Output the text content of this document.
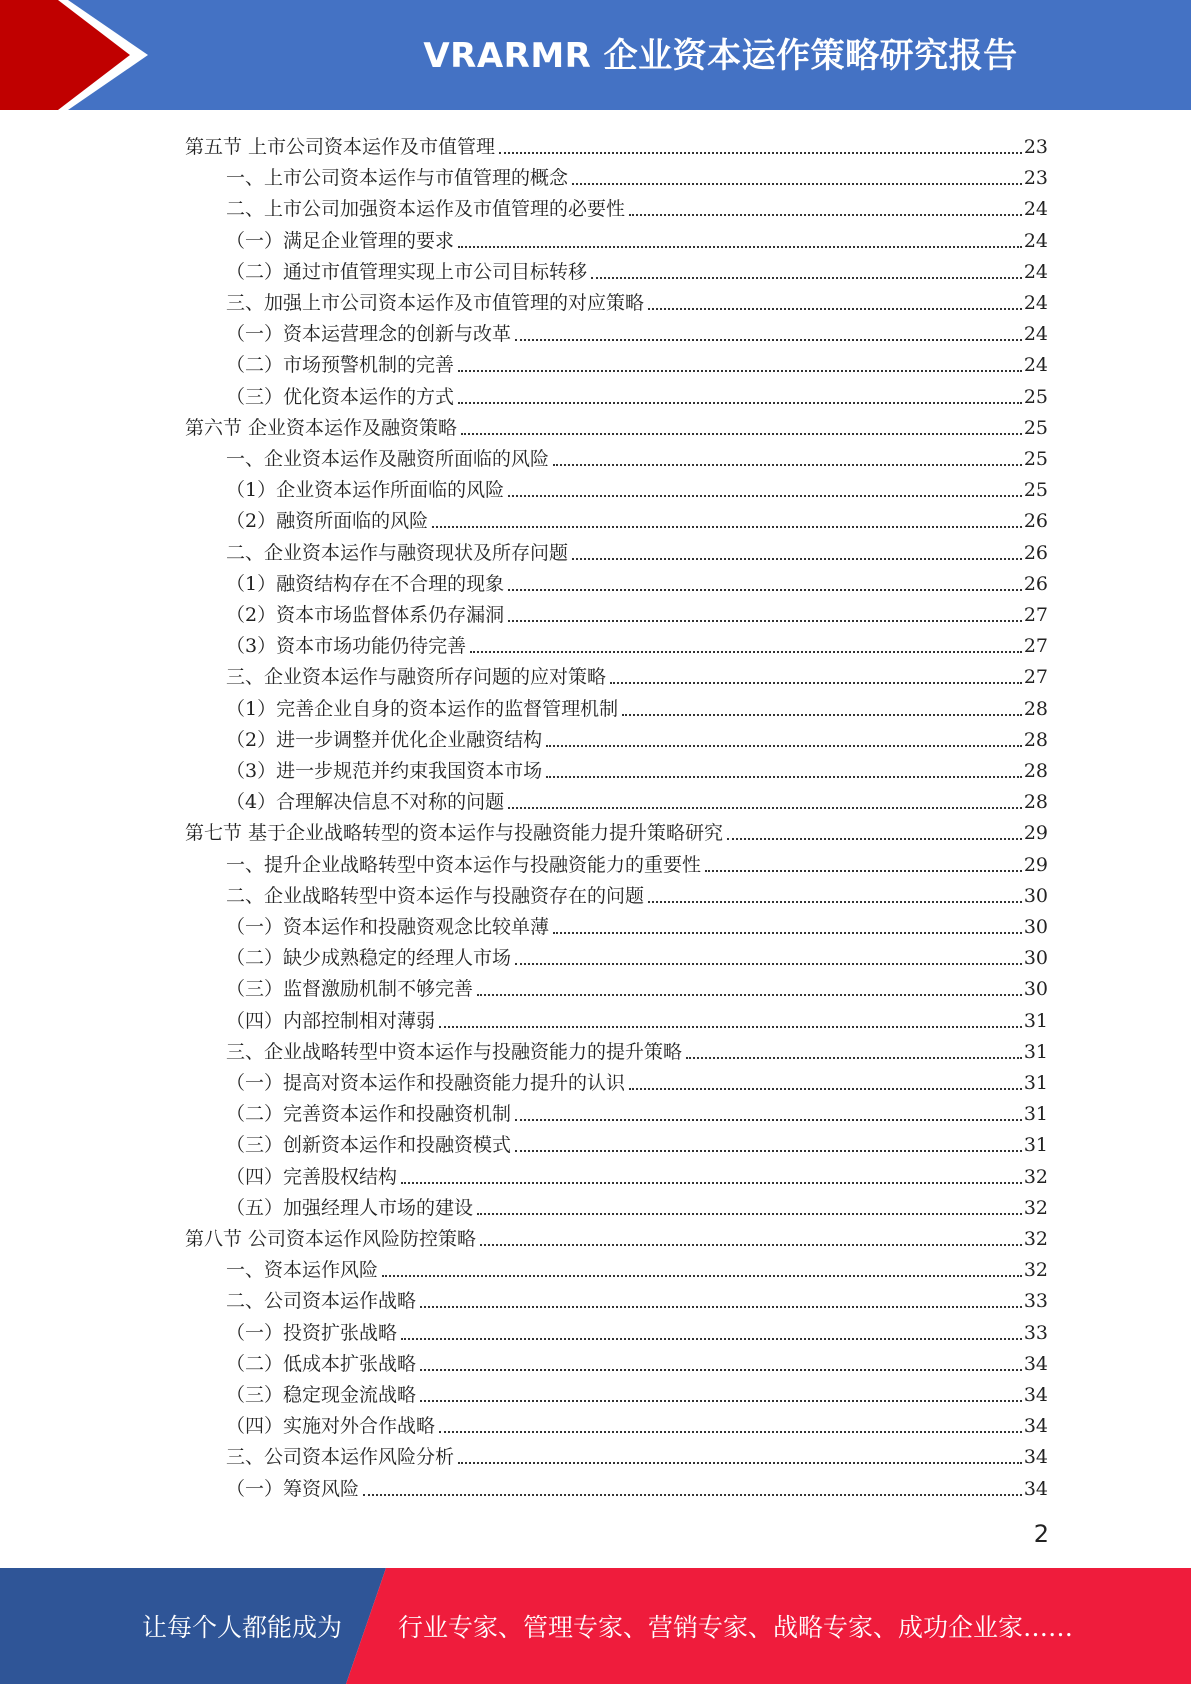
VRARMR 企业资本运作策略研究报告
第五节 上市公司资本运作及市值管理	23
一、上市公司资本运作与市值管理的概念	23
二、上市公司加强资本运作及市值管理的必要性	24
（一）满足企业管理的要求	24
（二）通过市值管理实现上市公司目标转移	24
三、加强上市公司资本运作及市值管理的对应策略	24
（一）资本运营理念的创新与改革	24
（二）市场预警机制的完善	24
（三）优化资本运作的方式	25
第六节 企业资本运作及融资策略	25
一、企业资本运作及融资所面临的风险	25
（1）企业资本运作所面临的风险	25
（2）融资所面临的风险	26
二、企业资本运作与融资现状及所存问题	26
（1）融资结构存在不合理的现象	26
（2）资本市场监督体系仍存漏洞	27
（3）资本市场功能仍待完善	27
三、企业资本运作与融资所存问题的应对策略	27
（1）完善企业自身的资本运作的监督管理机制	28
（2）进一步调整并优化企业融资结构	28
（3）进一步规范并约束我国资本市场	28
（4）合理解决信息不对称的问题	28
第七节 基于企业战略转型的资本运作与投融资能力提升策略研究	29
一、提升企业战略转型中资本运作与投融资能力的重要性	29
二、企业战略转型中资本运作与投融资存在的问题	30
（一）资本运作和投融资观念比较单薄	30
（二）缺少成熟稳定的经理人市场	30
（三）监督激励机制不够完善	30
（四）内部控制相对薄弱	31
三、企业战略转型中资本运作与投融资能力的提升策略	31
（一）提高对资本运作和投融资能力提升的认识	31
（二）完善资本运作和投融资机制	31
（三）创新资本运作和投融资模式	31
（四）完善股权结构	32
（五）加强经理人市场的建设	32
第八节 公司资本运作风险防控策略	32
一、资本运作风险	32
二、公司资本运作战略	33
（一）投资扩张战略	33
（二）低成本扩张战略	34
（三）稳定现金流战略	34
（四）实施对外合作战略	34
三、公司资本运作风险分析	34
（一）筹资风险	34
2
让每个人都能成为 行业专家、管理专家、营销专家、战略专家、成功企业家……
